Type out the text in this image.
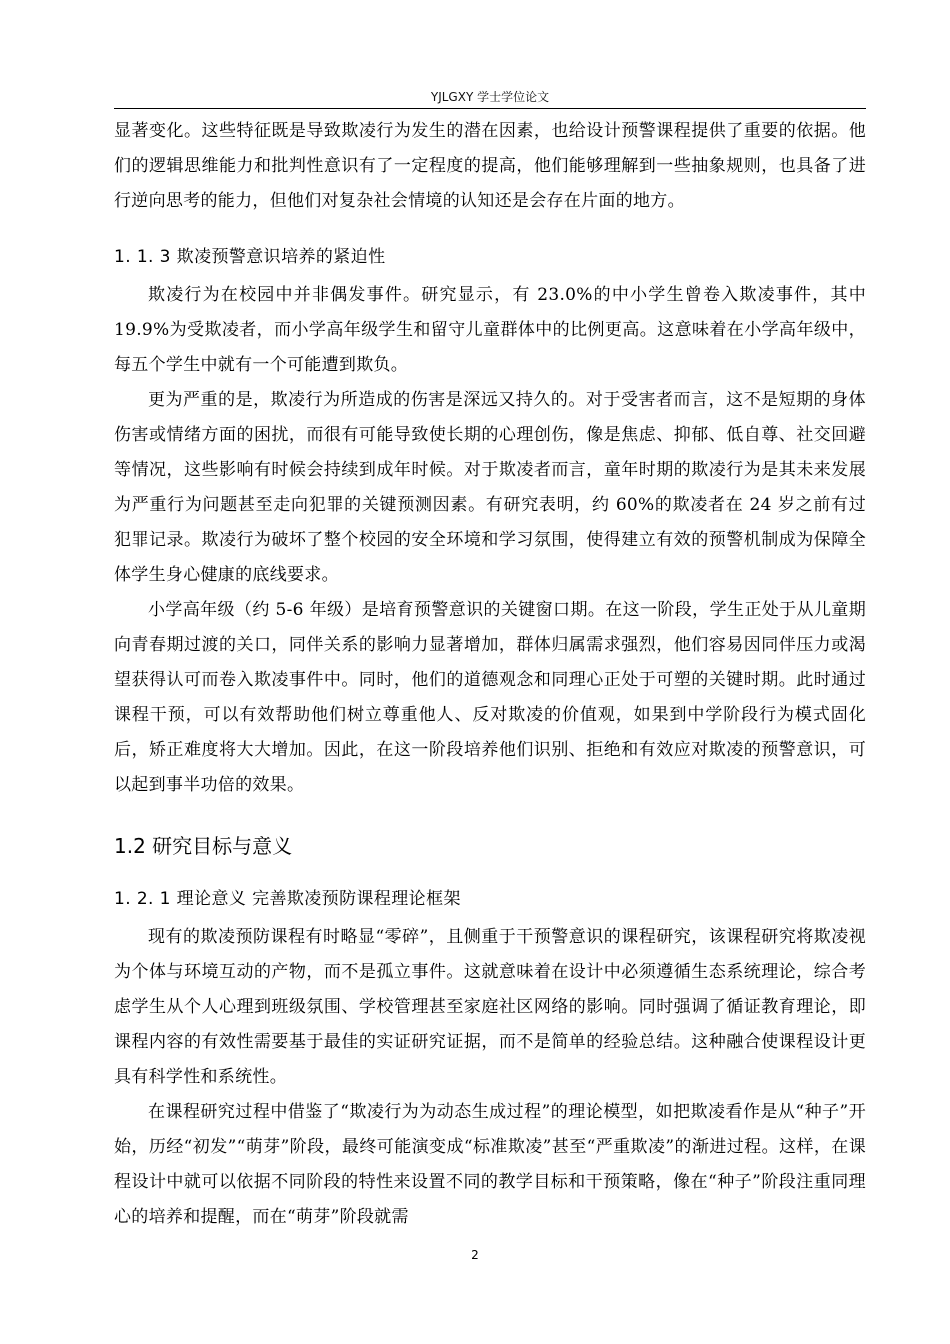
YJLGXY 学士学位论文

显著变化。这些特征既是导致欺凌行为发生的潜在因素，也给设计预警课程提供了重要的依据。他们的逻辑思维能力和批判性意识有了一定程度的提高，他们能够理解到一些抽象规则，也具备了进行逆向思考的能力，但他们对复杂社会情境的认知还是会存在片面的地方。

1. 1. 3 欺凌预警意识培养的紧迫性

欺凌行为在校园中并非偶发事件。研究显示，有 23.0%的中小学生曾卷入欺凌事件，其中 19.9%为受欺凌者，而小学高年级学生和留守儿童群体中的比例更高。这意味着在小学高年级中，每五个学生中就有一个可能遭到欺负。

更为严重的是，欺凌行为所造成的伤害是深远又持久的。对于受害者而言，这不是短期的身体伤害或情绪方面的困扰，而很有可能导致使长期的心理创伤，像是焦虑、抑郁、低自尊、社交回避等情况，这些影响有时候会持续到成年时候。对于欺凌者而言，童年时期的欺凌行为是其未来发展为严重行为问题甚至走向犯罪的关键预测因素。有研究表明，约 60%的欺凌者在 24 岁之前有过犯罪记录。欺凌行为破坏了整个校园的安全环境和学习氛围，使得建立有效的预警机制成为保障全体学生身心健康的底线要求。

小学高年级（约 5-6 年级）是培育预警意识的关键窗口期。在这一阶段，学生正处于从儿童期向青春期过渡的关口，同伴关系的影响力显著增加，群体归属需求强烈，他们容易因同伴压力或渴望获得认可而卷入欺凌事件中。同时，他们的道德观念和同理心正处于可塑的关键时期。此时通过课程干预，可以有效帮助他们树立尊重他人、反对欺凌的价值观，如果到中学阶段行为模式固化后，矫正难度将大大增加。因此，在这一阶段培养他们识别、拒绝和有效应对欺凌的预警意识，可以起到事半功倍的效果。

1.2 研究目标与意义

1. 2. 1 理论意义 完善欺凌预防课程理论框架

现有的欺凌预防课程有时略显“零碎”，且侧重于干预警意识的课程研究，该课程研究将欺凌视为个体与环境互动的产物，而不是孤立事件。这就意味着在设计中必须遵循生态系统理论，综合考虑学生从个人心理到班级氛围、学校管理甚至家庭社区网络的影响。同时强调了循证教育理论，即课程内容的有效性需要基于最佳的实证研究证据，而不是简单的经验总结。这种融合使课程设计更具有科学性和系统性。

在课程研究过程中借鉴了“欺凌行为为动态生成过程”的理论模型，如把欺凌看作是从“种子”开始，历经“初发”“萌芽”阶段，最终可能演变成“标准欺凌”甚至“严重欺凌”的渐进过程。这样，在课程设计中就可以依据不同阶段的特性来设置不同的教学目标和干预策略，像在“种子”阶段注重同理心的培养和提醒，而在“萌芽”阶段就需

2
